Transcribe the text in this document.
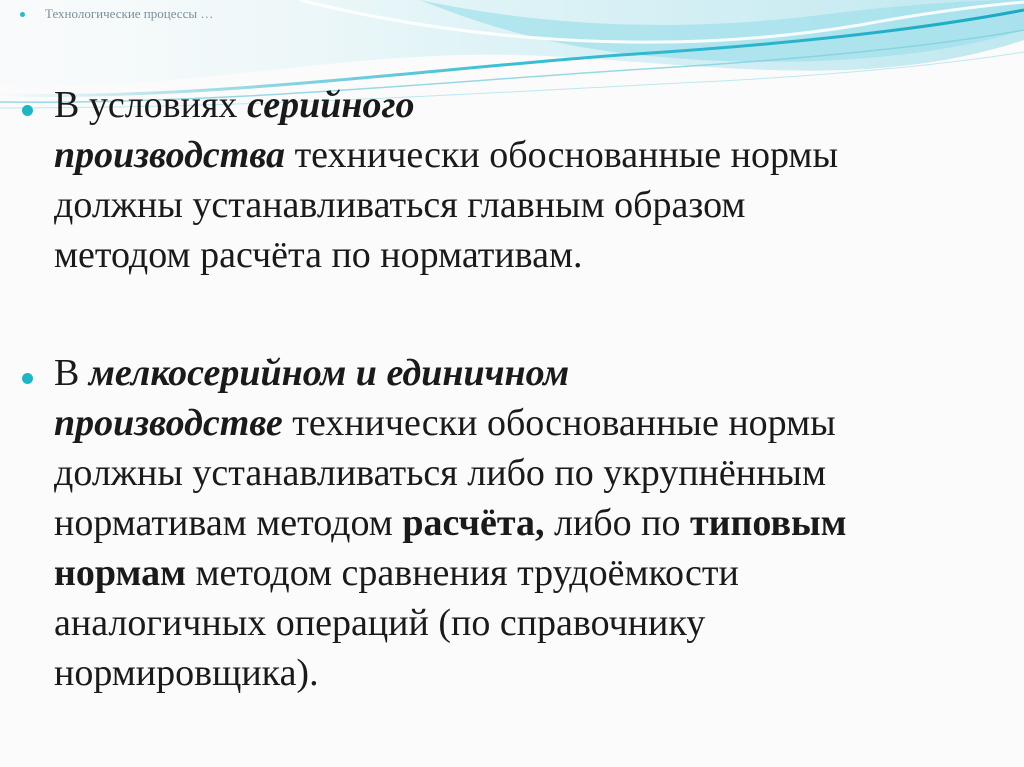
Технологические процессы …
В условиях серийного
производства технически обоснованные нормы
должны устанавливаться главным образом
методом расчёта по нормативам.
В мелкосерийном и единичном
производстве технически обоснованные нормы
должны устанавливаться либо по укрупнённым
нормативам методом расчёта, либо по типовым
нормам методом сравнения трудоёмкости
аналогичных операций (по справочнику
нормировщика).
